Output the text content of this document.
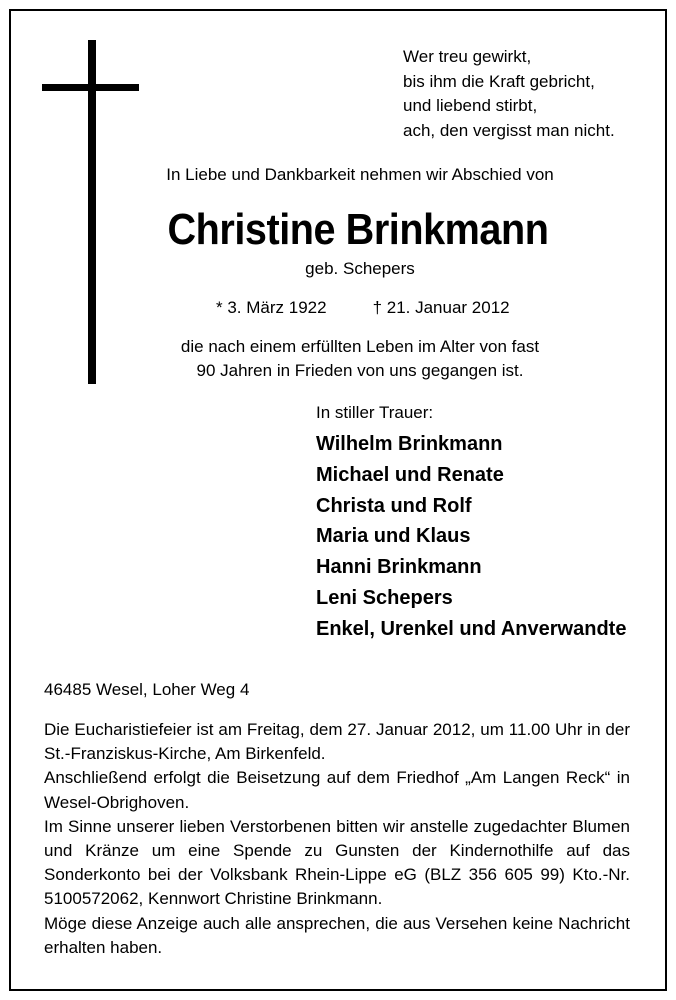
Wer treu gewirkt,
bis ihm die Kraft gebricht,
und liebend stirbt,
ach, den vergisst man nicht.
In Liebe und Dankbarkeit nehmen wir Abschied von
Christine Brinkmann
geb. Schepers
* 3. März 1922	† 21. Januar 2012
die nach einem erfüllten Leben im Alter von fast
90 Jahren in Frieden von uns gegangen ist.
In stiller Trauer:
Wilhelm Brinkmann
Michael und Renate
Christa und Rolf
Maria und Klaus
Hanni Brinkmann
Leni Schepers
Enkel, Urenkel und Anverwandte
46485 Wesel, Loher Weg 4

Die Eucharistiefeier ist am Freitag, dem 27. Januar 2012, um 11.00 Uhr in der St.-Franziskus-Kirche, Am Birkenfeld.

Anschließend erfolgt die Beisetzung auf dem Friedhof „Am Langen Reck“ in Wesel-Obrighoven.

Im Sinne unserer lieben Verstorbenen bitten wir anstelle zugedachter Blumen und Kränze um eine Spende zu Gunsten der Kindernothilfe auf das Sonderkonto bei der Volksbank Rhein-Lippe eG (BLZ 356 605 99) Kto.-Nr. 5100572062, Kennwort Christine Brinkmann.

Möge diese Anzeige auch alle ansprechen, die aus Versehen keine Nachricht erhalten haben.
